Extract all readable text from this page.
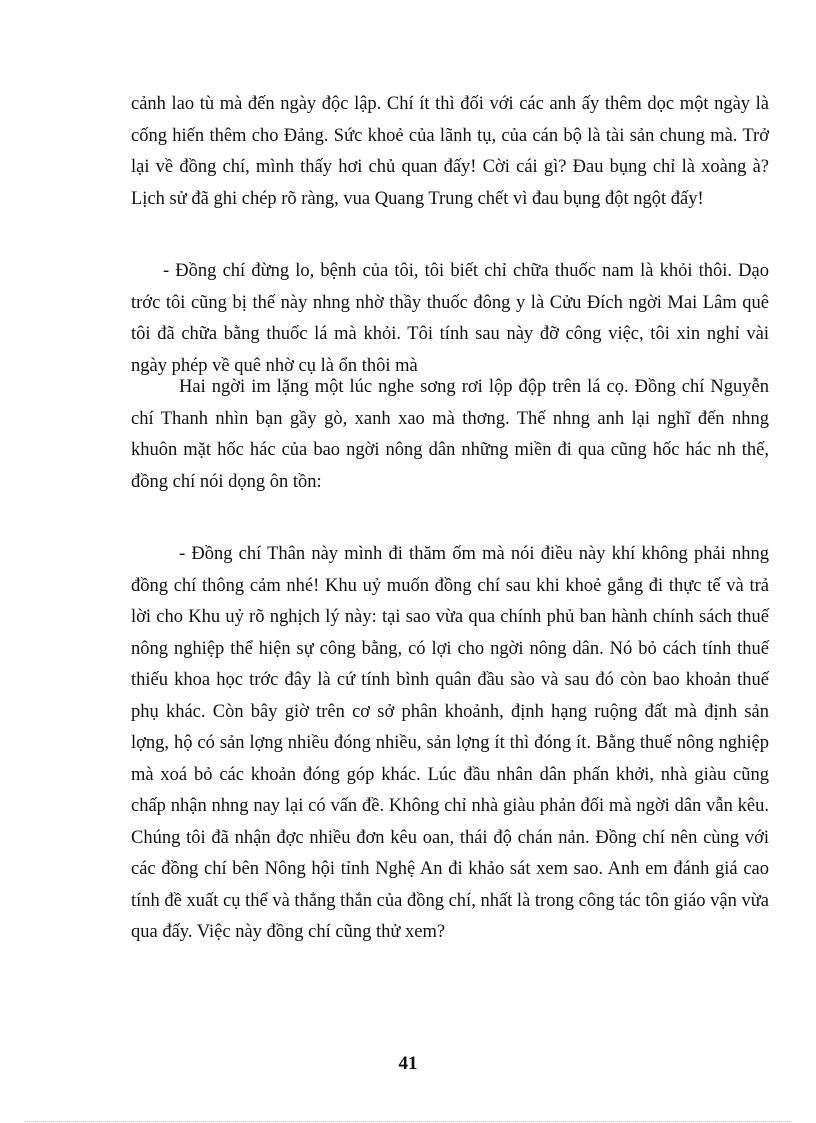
cảnh lao tù mà đến ngày độc lập. Chí ít thì đối với các anh ấy thêm dọc một ngày là cống hiến thêm cho Đảng. Sức khoẻ của lãnh tụ, của cán bộ là tài sản chung mà. Trở lại về đồng chí, mình thấy hơi chủ quan đấy! Cời cái gì? Đau bụng chỉ là xoàng à? Lịch sử đã ghi chép rõ ràng, vua Quang Trung chết vì đau bụng đột ngột đấy!

- Đồng chí đừng lo, bệnh của tôi, tôi biết chỉ chữa thuốc nam là khỏi thôi. Dạo trớc tôi cũng bị thế này nhng nhờ thầy thuốc đông y là Cửu Đích ngời Mai Lâm quê tôi đã chữa bằng thuốc lá mà khỏi. Tôi tính sau này đỡ công việc, tôi xin nghỉ vài ngày phép về quê nhờ cụ là ổn thôi mà

Hai ngời im lặng một lúc nghe sơng rơi lộp độp trên lá cọ. Đồng chí Nguyễn chí Thanh nhìn bạn gầy gò, xanh xao mà thơng. Thế nhng anh lại nghĩ đến nhng khuôn mặt hốc hác của bao ngời nông dân những miền đi qua cũng hốc hác nh thế, đồng chí nói dọng ôn tồn:

- Đồng chí Thân này mình đi thăm ốm mà nói điều này khí không phải nhng đồng chí thông cảm nhé! Khu uỷ muốn đồng chí sau khi khoẻ gắng đi thực tế và trả lời cho Khu uỷ rõ nghịch lý này: tại sao vừa qua chính phủ ban hành chính sách thuế nông nghiệp thể hiện sự công bằng, có lợi cho ngời nông dân. Nó bỏ cách tính thuế thiếu khoa học trớc đây là cứ tính bình quân đầu sào và sau đó còn bao khoản thuế phụ khác. Còn bây giờ trên cơ sở phân khoảnh, định hạng ruộng đất mà định sản lợng, hộ có sản lợng nhiều đóng nhiều, sản lợng ít thì đóng ít. Bằng thuế nông nghiệp mà xoá bỏ các khoản đóng góp khác. Lúc đầu nhân dân phấn khởi, nhà giàu cũng chấp nhận nhng nay lại có vấn đề. Không chỉ nhà giàu phản đối mà ngời dân vẫn kêu. Chúng tôi đã nhận đợc nhiều đơn kêu oan, thái độ chán nản. Đồng chí nên cùng với các đồng chí bên Nông hội tỉnh Nghệ An đi khảo sát xem sao. Anh em đánh giá cao tính đề xuất cụ thể và thẳng thắn của đồng chí, nhất là trong công tác tôn giáo vận vừa qua đấy. Việc này đồng chí cũng thử xem?

41
